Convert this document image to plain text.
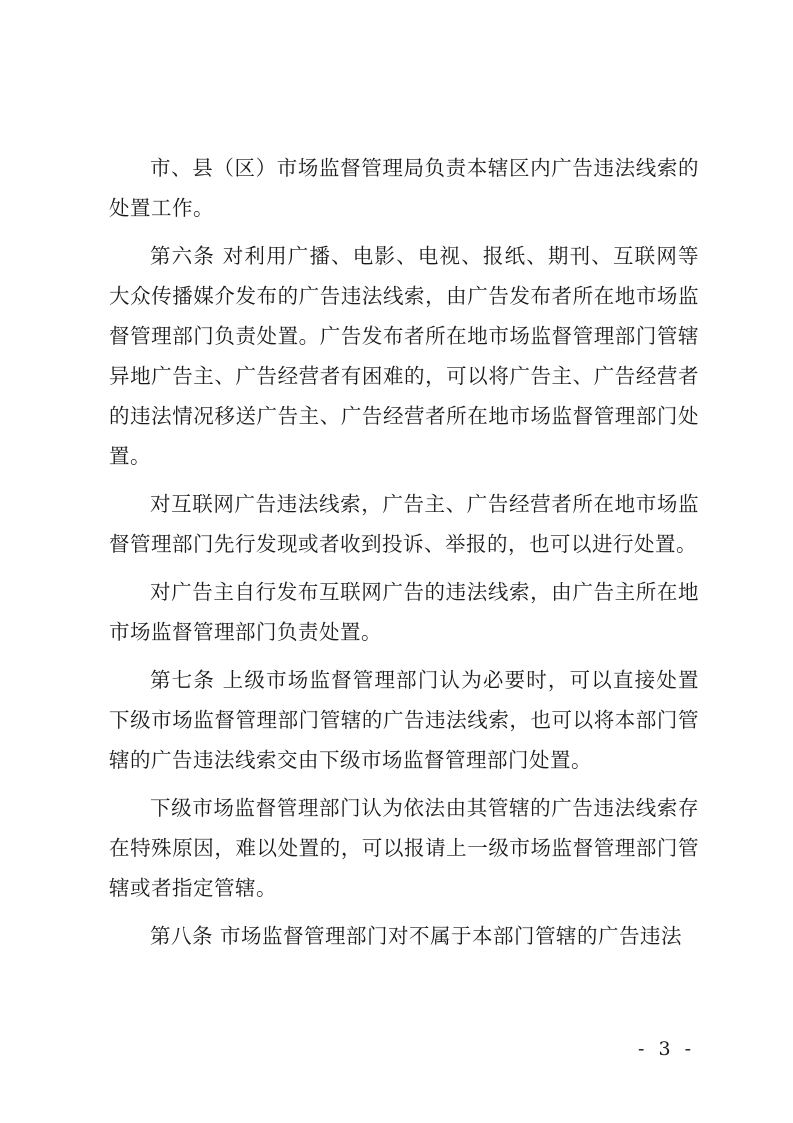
市、县（区）市场监督管理局负责本辖区内广告违法线索的处置工作。

第六条 对利用广播、电影、电视、报纸、期刊、互联网等大众传播媒介发布的广告违法线索，由广告发布者所在地市场监督管理部门负责处置。广告发布者所在地市场监督管理部门管辖异地广告主、广告经营者有困难的，可以将广告主、广告经营者的违法情况移送广告主、广告经营者所在地市场监督管理部门处置。

对互联网广告违法线索，广告主、广告经营者所在地市场监督管理部门先行发现或者收到投诉、举报的，也可以进行处置。

对广告主自行发布互联网广告的违法线索，由广告主所在地市场监督管理部门负责处置。

第七条 上级市场监督管理部门认为必要时，可以直接处置下级市场监督管理部门管辖的广告违法线索，也可以将本部门管辖的广告违法线索交由下级市场监督管理部门处置。

下级市场监督管理部门认为依法由其管辖的广告违法线索存在特殊原因，难以处置的，可以报请上一级市场监督管理部门管辖或者指定管辖。

第八条 市场监督管理部门对不属于本部门管辖的广告违法

- 3 -
